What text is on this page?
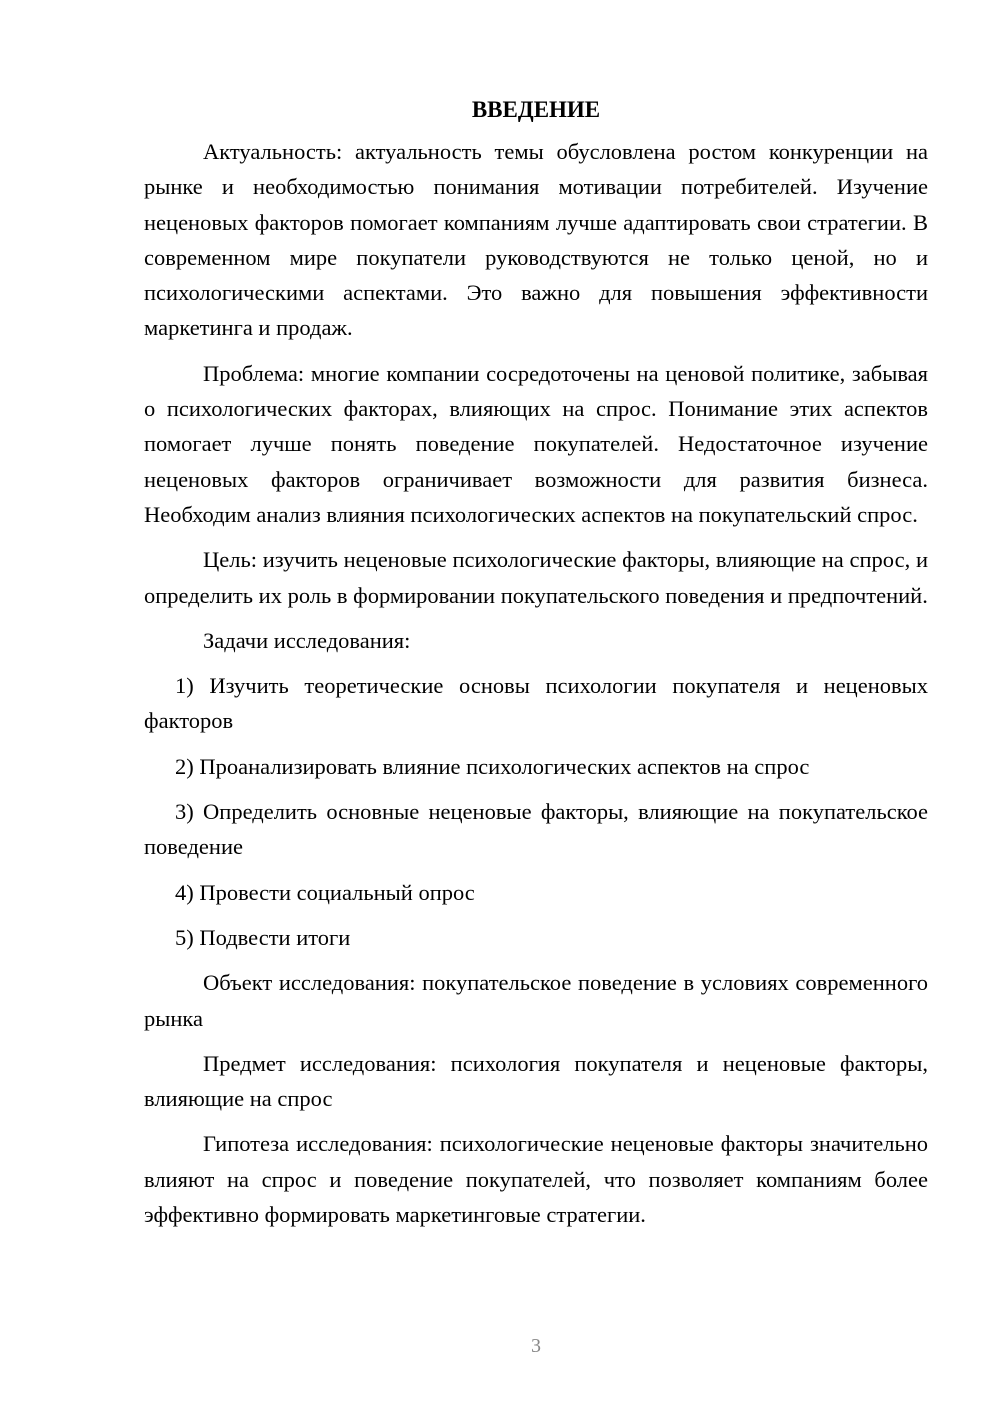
ВВЕДЕНИЕ

Актуальность: актуальность темы обусловлена ростом конкуренции на рынке и необходимостью понимания мотивации потребителей. Изучение неценовых факторов помогает компаниям лучше адаптировать свои стратегии. В современном мире покупатели руководствуются не только ценой, но и психологическими аспектами. Это важно для повышения эффективности маркетинга и продаж.

Проблема: многие компании сосредоточены на ценовой политике, забывая о психологических факторах, влияющих на спрос. Понимание этих аспектов помогает лучше понять поведение покупателей. Недостаточное изучение неценовых факторов ограничивает возможности для развития бизнеса. Необходим анализ влияния психологических аспектов на покупательский спрос.

Цель: изучить неценовые психологические факторы, влияющие на спрос, и определить их роль в формировании покупательского поведения и предпочтений.

Задачи исследования:

1) Изучить теоретические основы психологии покупателя и неценовых факторов

2) Проанализировать влияние психологических аспектов на спрос

3) Определить основные неценовые факторы, влияющие на покупательское поведение

4) Провести социальный опрос

5) Подвести итоги

Объект исследования: покупательское поведение в условиях современного рынка

Предмет исследования: психология покупателя и неценовые факторы, влияющие на спрос

Гипотеза исследования: психологические неценовые факторы значительно влияют на спрос и поведение покупателей, что позволяет компаниям более эффективно формировать маркетинговые стратегии.

3
